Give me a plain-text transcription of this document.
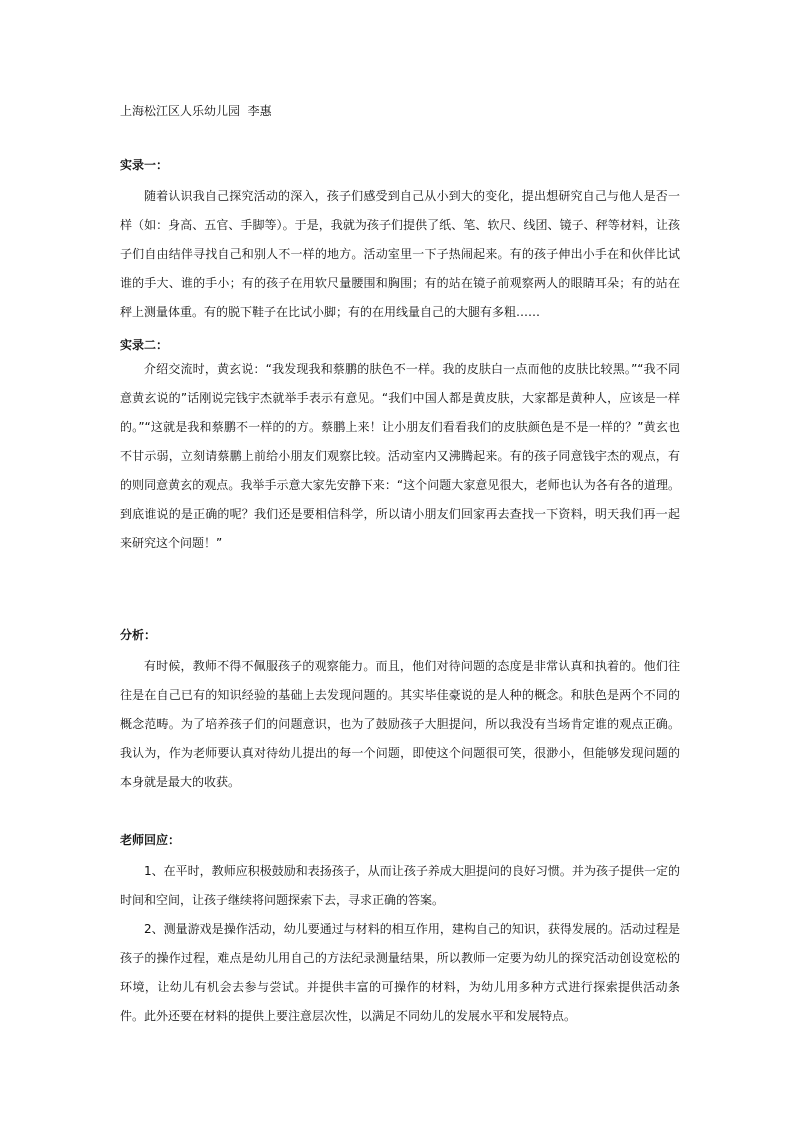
上海松江区人乐幼儿园  李惠

实录一：

随着认识我自己探究活动的深入，孩子们感受到自己从小到大的变化，提出想研究自己与他人是否一样（如：身高、五官、手脚等）。于是，我就为孩子们提供了纸、笔、软尺、线团、镜子、秤等材料，让孩子们自由结伴寻找自己和别人不一样的地方。活动室里一下子热闹起来。有的孩子伸出小手在和伙伴比试谁的手大、谁的手小；有的孩子在用软尺量腰围和胸围；有的站在镜子前观察两人的眼睛耳朵；有的站在秤上测量体重。有的脱下鞋子在比试小脚；有的在用线量自己的大腿有多粗……

实录二：

介绍交流时，黄玄说：“我发现我和蔡鹏的肤色不一样。我的皮肤白一点而他的皮肤比较黑。”“我不同意黄玄说的”话刚说完钱宇杰就举手表示有意见。“我们中国人都是黄皮肤，大家都是黄种人，应该是一样的。”“这就是我和蔡鹏不一样的的方。蔡鹏上来！让小朋友们看看我们的皮肤颜色是不是一样的？”黄玄也不甘示弱，立刻请蔡鹏上前给小朋友们观察比较。活动室内又沸腾起来。有的孩子同意钱宇杰的观点，有的则同意黄玄的观点。我举手示意大家先安静下来：“这个问题大家意见很大，老师也认为各有各的道理。到底谁说的是正确的呢？我们还是要相信科学，所以请小朋友们回家再去查找一下资料，明天我们再一起来研究这个问题！”

分析：

有时候，教师不得不佩服孩子的观察能力。而且，他们对待问题的态度是非常认真和执着的。他们往往是在自己已有的知识经验的基础上去发现问题的。其实毕佳豪说的是人种的概念。和肤色是两个不同的概念范畴。为了培养孩子们的问题意识，也为了鼓励孩子大胆提问，所以我没有当场肯定谁的观点正确。我认为，作为老师要认真对待幼儿提出的每一个问题，即使这个问题很可笑，很渺小，但能够发现问题的本身就是最大的收获。

老师回应：

1、在平时，教师应积极鼓励和表扬孩子，从而让孩子养成大胆提问的良好习惯。并为孩子提供一定的时间和空间，让孩子继续将问题探索下去，寻求正确的答案。

2、测量游戏是操作活动，幼儿要通过与材料的相互作用，建构自己的知识，获得发展的。活动过程是孩子的操作过程，难点是幼儿用自己的方法纪录测量结果，所以教师一定要为幼儿的探究活动创设宽松的环境，让幼儿有机会去参与尝试。并提供丰富的可操作的材料，为幼儿用多种方式进行探索提供活动条件。此外还要在材料的提供上要注意层次性，以满足不同幼儿的发展水平和发展特点。
